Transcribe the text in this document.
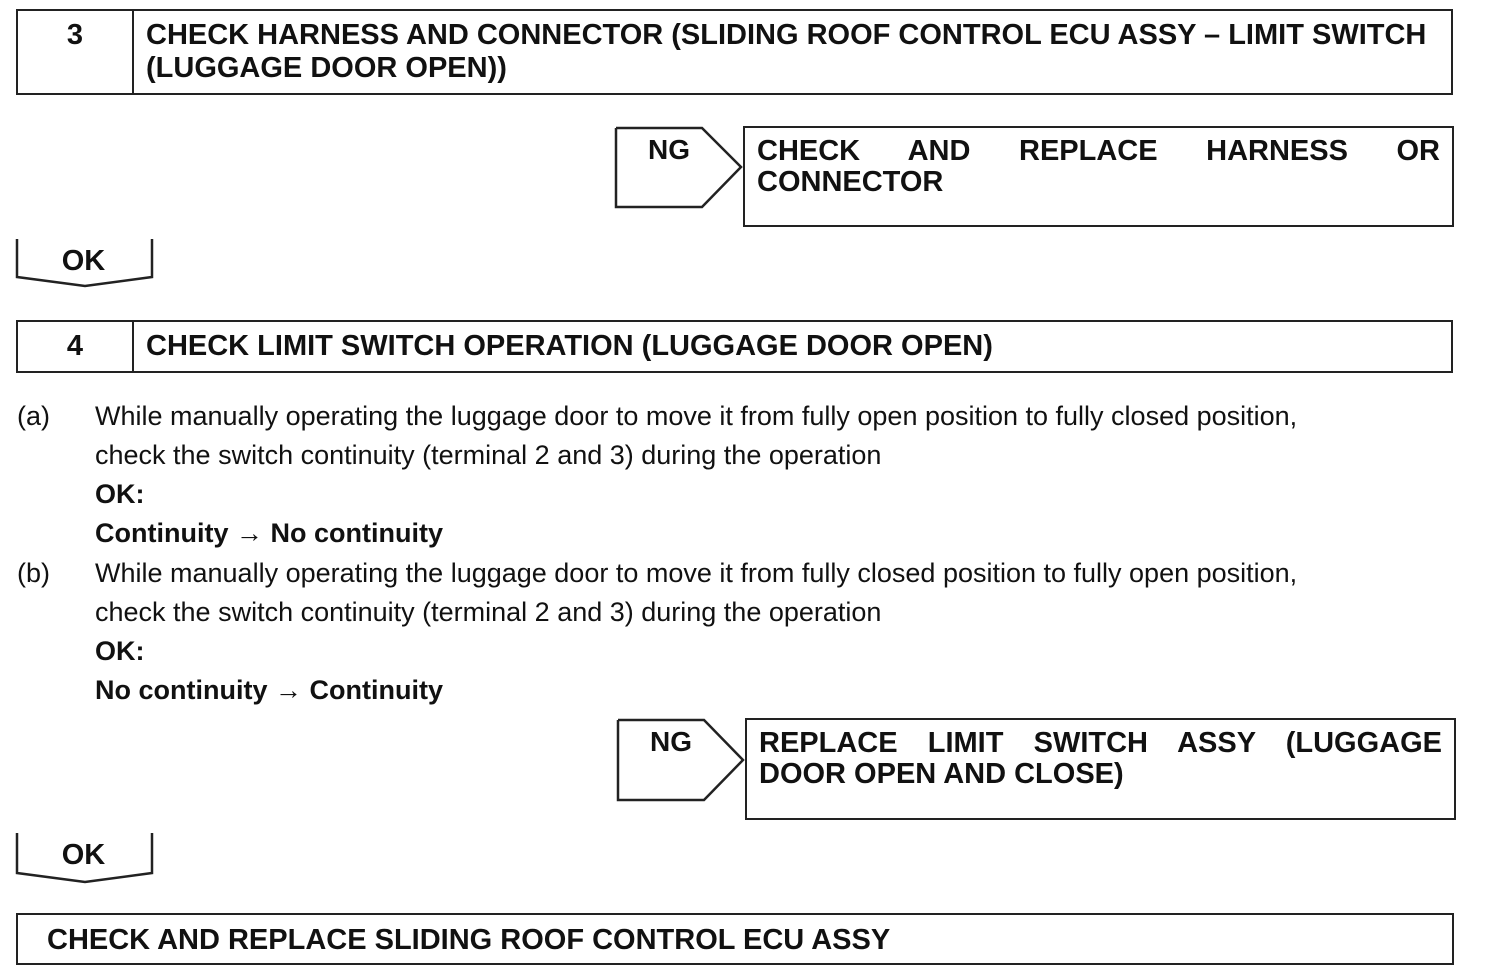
3	CHECK HARNESS AND CONNECTOR (SLIDING ROOF CONTROL ECU ASSY – LIMIT SWITCH (LUGGAGE DOOR OPEN))
NG	CHECK AND REPLACE HARNESS OR CONNECTOR
OK
4	CHECK LIMIT SWITCH OPERATION (LUGGAGE DOOR OPEN)
(a) While manually operating the luggage door to move it from fully open position to fully closed position,
check the switch continuity (terminal 2 and 3) during the operation
OK:
Continuity → No continuity
(b) While manually operating the luggage door to move it from fully closed position to fully open position,
check the switch continuity (terminal 2 and 3) during the operation
OK:
No continuity → Continuity
NG	REPLACE LIMIT SWITCH ASSY (LUGGAGE DOOR OPEN AND CLOSE)
OK
CHECK AND REPLACE SLIDING ROOF CONTROL ECU ASSY
